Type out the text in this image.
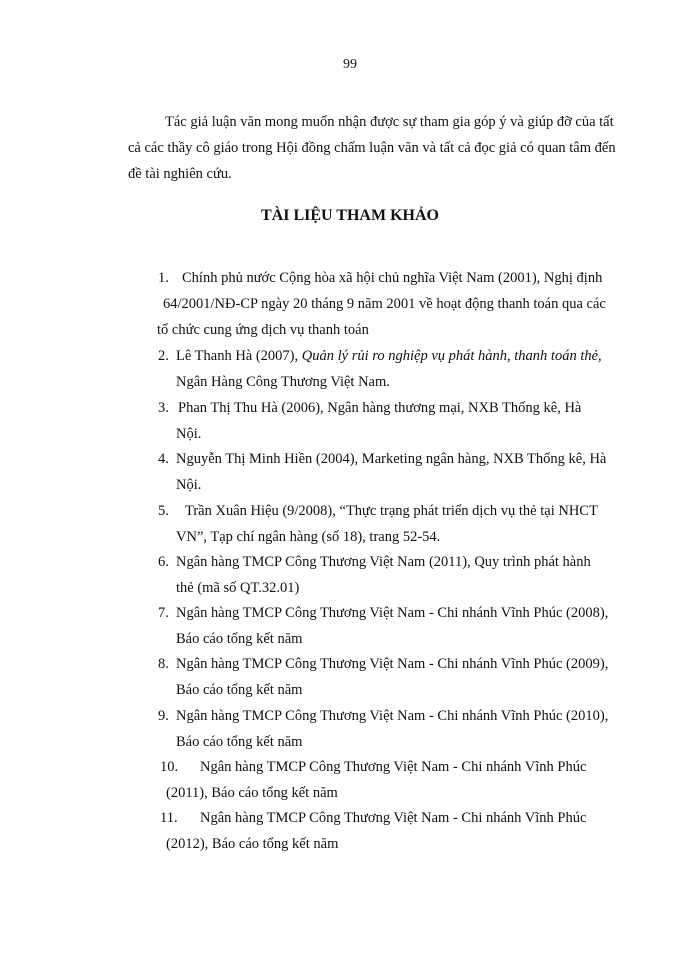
99
Tác giả luận văn mong muốn nhận được sự tham gia góp ý và giúp đỡ của tất
cả các thầy cô giáo trong Hội đồng chấm luận văn và tất cả đọc giả có quan tâm đến
đề tài nghiên cứu.
TÀI LIỆU THAM KHẢO
1. Chính phủ nước Cộng hòa xã hội chủ nghĩa Việt Nam (2001), Nghị định
64/2001/NĐ-CP ngày 20 tháng 9 năm 2001 về hoạt động thanh toán qua các
tổ chức cung ứng dịch vụ thanh toán
2. Lê Thanh Hà (2007), Quản lý rủi ro nghiệp vụ phát hành, thanh toán thẻ,
Ngân Hàng Công Thương Việt Nam.
3. Phan Thị Thu Hà (2006), Ngân hàng thương mại, NXB Thống kê, Hà
Nội.
4. Nguyễn Thị Minh Hiền (2004), Marketing ngân hàng, NXB Thống kê, Hà
Nội.
5. Trần Xuân Hiệu (9/2008), “Thực trạng phát triển dịch vụ thẻ tại NHCT
VN”, Tạp chí ngân hàng (số 18), trang 52-54.
6. Ngân hàng TMCP Công Thương Việt Nam (2011), Quy trình phát hành
thẻ (mã số QT.32.01)
7. Ngân hàng TMCP Công Thương Việt Nam - Chi nhánh Vĩnh Phúc (2008),
Báo cáo tổng kết năm
8. Ngân hàng TMCP Công Thương Việt Nam - Chi nhánh Vĩnh Phúc (2009),
Báo cáo tổng kết năm
9. Ngân hàng TMCP Công Thương Việt Nam - Chi nhánh Vĩnh Phúc (2010),
Báo cáo tổng kết năm
10. Ngân hàng TMCP Công Thương Việt Nam - Chi nhánh Vĩnh Phúc
(2011), Báo cáo tổng kết năm
11. Ngân hàng TMCP Công Thương Việt Nam - Chi nhánh Vĩnh Phúc
(2012), Báo cáo tổng kết năm
